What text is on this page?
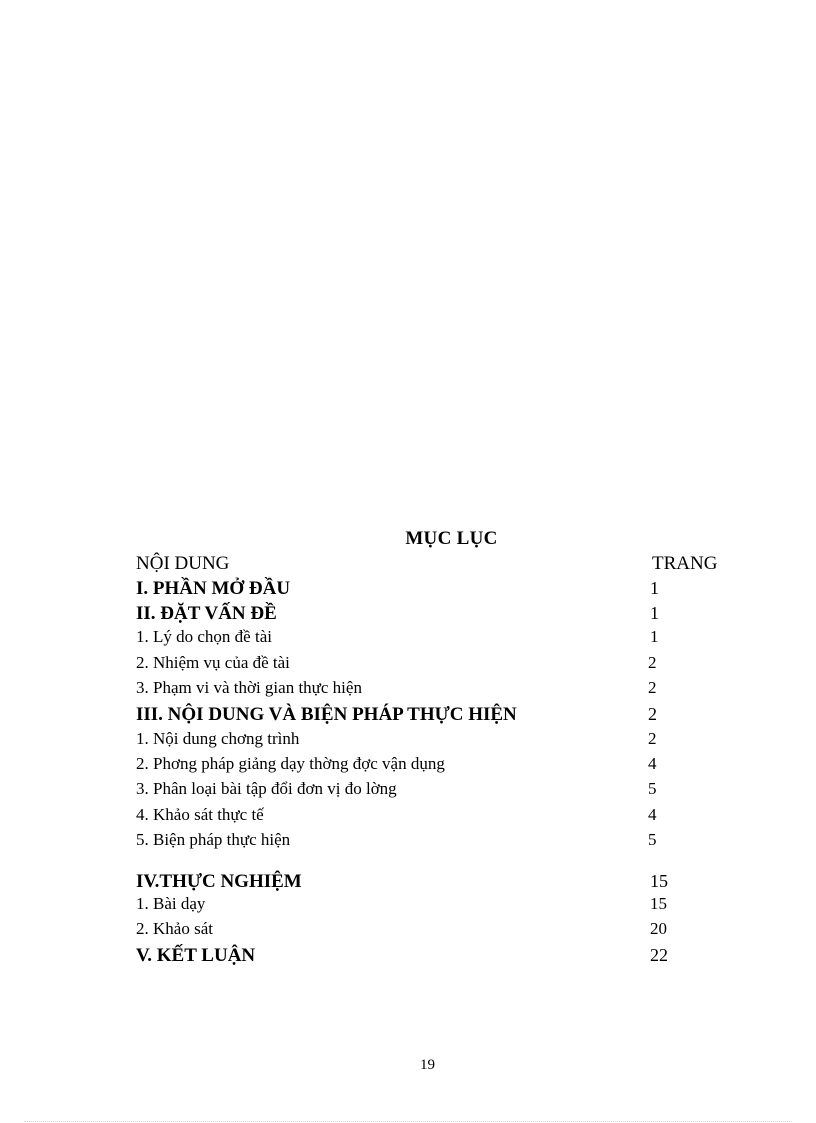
MỤC LỤC
NỘI DUNG	TRANG
I. PHẦN MỞ ĐẦU	1
II. ĐẶT VẤN ĐỀ	1
1. Lý do chọn đề tài	1
2. Nhiệm vụ của đề tài	2
3. Phạm vi và thời gian thực hiện	2
III. NỘI DUNG VÀ BIỆN PHÁP THỰC HIỆN	2
1. Nội dung chơng trình	2
2. Phơng pháp giảng dạy thờng đợc vận dụng	4
3. Phân loại bài tập đổi đơn vị đo lờng	5
4. Khảo sát thực tế	4
5. Biện pháp thực hiện	5
IV.THỰC NGHIỆM	15
1. Bài dạy	15
2. Khảo sát	20
V. KẾT LUẬN	22
19
